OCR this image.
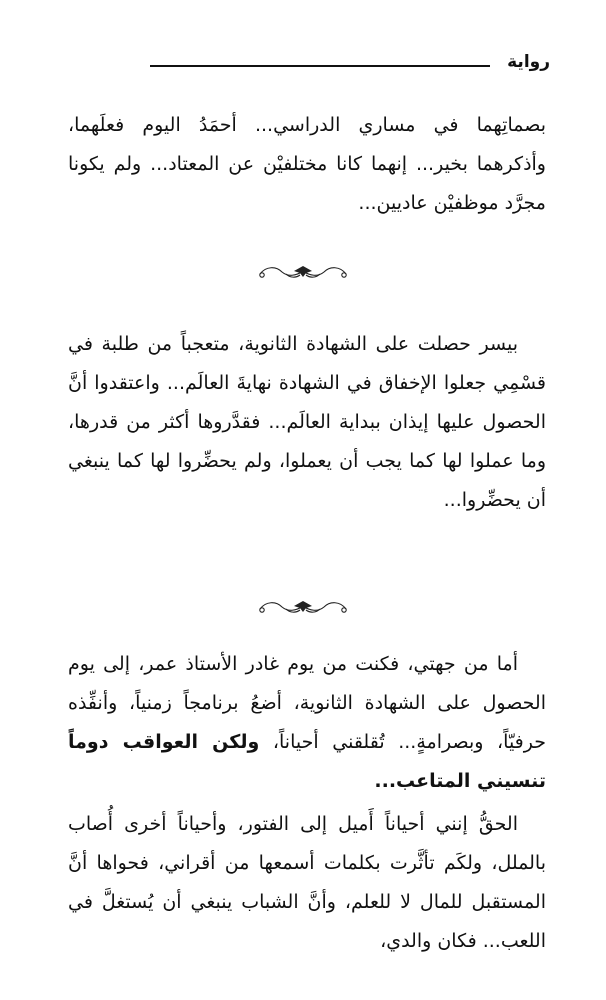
رواية

بصماتِهما في مساري الدراسي... أحمَدُ اليوم فعلَهما، وأذكرهما بخير... إنهما كانا مختلفيْن عن المعتاد... ولم يكونا مجرَّد موظفيْن عاديين...

بيسر حصلت على الشهادة الثانوية، متعجباً من طلبة في قسْمِي جعلوا الإخفاق في الشهادة نهايةَ العالَم... واعتقدوا أنَّ الحصول عليها إيذان ببداية العالَم... فقدَّروها أكثر من قدرها، وما عملوا لها كما يجب أن يعملوا، ولم يحضِّروا لها كما ينبغي أن يحضِّروا...

أما من جهتي، فكنت من يوم غادر الأستاذ عمر، إلى يوم الحصول على الشهادة الثانوية، أضعُ برنامجاً زمنياً، وأنفِّذه حرفيّاً، وبصرامةٍ... تُقلقني أحياناً، ولكن العواقب دوماً تنسيني المتاعب...

الحقُّ إنني أحياناً أَميل إلى الفتور، وأحياناً أخرى أُصاب بالملل، ولكَم تأثَّرت بكلمات أسمعها من أقراني، فحواها أنَّ المستقبل للمال لا للعلم، وأنَّ الشباب ينبغي أن يُستغلَّ في اللعب... فكان والدي،
